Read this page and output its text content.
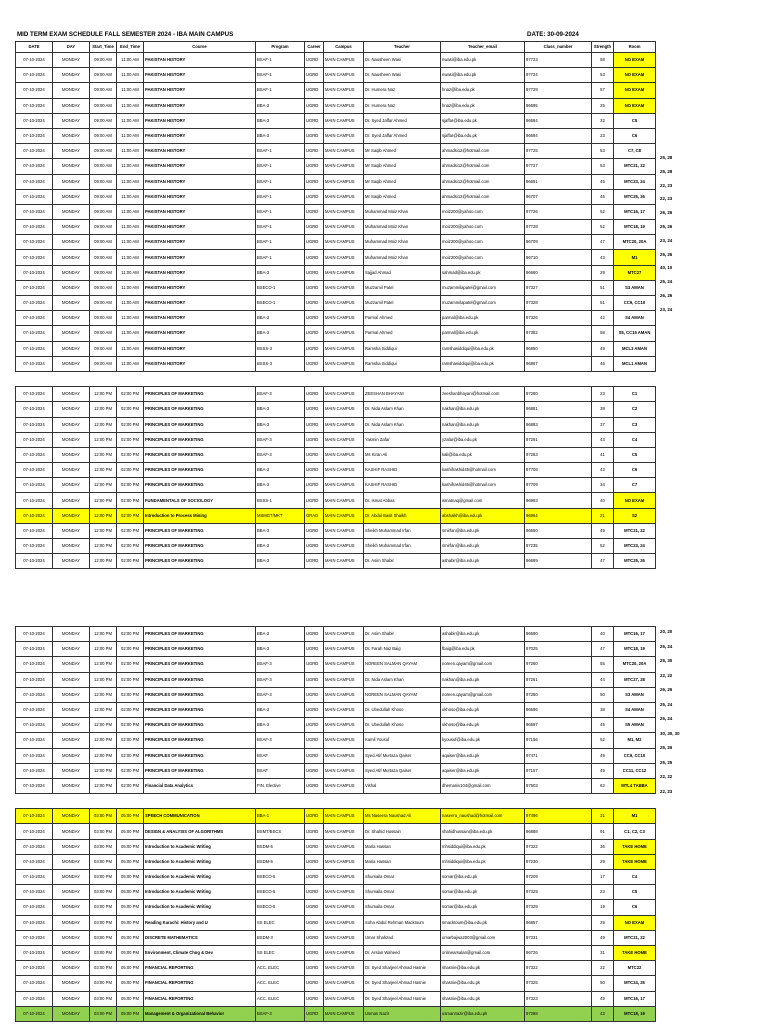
MID TERM EXAM SCHEDULE FALL SEMESTER 2024 - IBA MAIN CAMPUS	DATE: 30-09-2024
DATE	DAY	Start_Time	End_Time	Course	Program	Career	Campus	Teacher	Teacher_email	Class_number	Strength	Room
07-10-2024	MONDAY	09:00 AM	11:00 AM	PAKISTAN HISTORY	BSAF-1	UGRD	MAIN CAMPUS	Dr. Nausheen Wasi	nwasi@iba.edu.pk	97723	58	NO EXAM
07-10-2024	MONDAY	09:00 AM	11:00 AM	PAKISTAN HISTORY	BSAF-1	UGRD	MAIN CAMPUS	Dr. Nausheen Wasi	nwasi@iba.edu.pk	97724	53	NO EXAM
07-10-2024	MONDAY	09:00 AM	11:00 AM	PAKISTAN HISTORY	BSAF-1	UGRD	MAIN CAMPUS	Dr. Humera Naz	hnaz@iba.edu.pk	97729	57	NO EXAM
07-10-2024	MONDAY	09:00 AM	11:00 AM	PAKISTAN HISTORY	BBA-3	UGRD	MAIN CAMPUS	Dr. Humera Naz	hnaz@iba.edu.pk	96695	25	NO EXAM
07-10-2024	MONDAY	09:00 AM	11:00 AM	PAKISTAN HISTORY	BBA-3	UGRD	MAIN CAMPUS	Dr. Syed Jaffar Ahmed	sjaffar@iba.edu.pk	96684	32	C5
07-10-2024	MONDAY	09:00 AM	11:00 AM	PAKISTAN HISTORY	BBA-3	UGRD	MAIN CAMPUS	Dr. Syed Jaffar Ahmed	sjaffar@iba.edu.pk	96694	23	C6
07-10-2024	MONDAY	09:00 AM	11:00 AM	PAKISTAN HISTORY	BSAF-1	UGRD	MAIN CAMPUS	Mr Saqib Ahmed	ahmadsi12@hotmail.com	97725	53	C7, C8
07-10-2024	MONDAY	09:00 AM	11:00 AM	PAKISTAN HISTORY	BSAF-1	UGRD	MAIN CAMPUS	Mr Saqib Ahmed	ahmadsi12@hotmail.com	97727	53	MTC21, 22
07-10-2024	MONDAY	09:00 AM	11:00 AM	PAKISTAN HISTORY	BSAF-1	UGRD	MAIN CAMPUS	Mr Saqib Ahmed	ahmadsi12@hotmail.com	96691	45	MTC23, 24
07-10-2024	MONDAY	09:00 AM	11:00 AM	PAKISTAN HISTORY	BSAF-1	UGRD	MAIN CAMPUS	Mr Saqib Ahmed	ahmadsi12@hotmail.com	96707	46	MTC25, 26
07-10-2024	MONDAY	09:00 AM	11:00 AM	PAKISTAN HISTORY	BSAF-1	UGRD	MAIN CAMPUS	Muhammad Moiz Khan	moiz200@yahoo.com	97726	52	MTC16, 17
07-10-2024	MONDAY	09:00 AM	11:00 AM	PAKISTAN HISTORY	BSAF-1	UGRD	MAIN CAMPUS	Muhammad Moiz Khan	moiz200@yahoo.com	97728	52	MTC18, 19
07-10-2024	MONDAY	09:00 AM	11:00 AM	PAKISTAN HISTORY	BSAF-1	UGRD	MAIN CAMPUS	Muhammad Moiz Khan	moiz200@yahoo.com	96709	47	MTC20, 20A
07-10-2024	MONDAY	09:00 AM	11:00 AM	PAKISTAN HISTORY	BSAF-1	UGRD	MAIN CAMPUS	Muhammad Moiz Khan	moiz200@yahoo.com	96710	43	M1
07-10-2024	MONDAY	09:00 AM	11:00 AM	PAKISTAN HISTORY	BBA-3	UGRD	MAIN CAMPUS	Sajjad Ahmad	sahmad@iba.edu.pk	96660	29	MTC27
07-10-2024	MONDAY	09:00 AM	11:00 AM	PAKISTAN HISTORY	BSECO-1	UGRD	MAIN CAMPUS	Muzzamil Patel	muzammilapatel@gmail.com	97327	51	S3 AMAN
07-10-2024	MONDAY	09:00 AM	11:00 AM	PAKISTAN HISTORY	BSECO-1	UGRD	MAIN CAMPUS	Muzzamil Patel	muzammilapatel@gmail.com	97328	51	CC9, CC10
07-10-2024	MONDAY	09:00 AM	11:00 AM	PAKISTAN HISTORY	BBA-3	UGRD	MAIN CAMPUS	Parmal Ahmed	parmal@iba.edu.pk	97326	42	S4 AMAN
07-10-2024	MONDAY	09:00 AM	11:00 AM	PAKISTAN HISTORY	BBA-3	UGRD	MAIN CAMPUS	Parmal Ahmed	parmal@iba.edu.pk	97382	58	S5, CC15 AMAN
07-10-2024	MONDAY	09:00 AM	11:00 AM	PAKISTAN HISTORY	BSSS-3	UGRD	MAIN CAMPUS	Ramsha Siddiqui	ramshasiddiqui@iba.edu.pk	96850	49	MCL3 AMAN
07-10-2024	MONDAY	09:00 AM	11:00 AM	PAKISTAN HISTORY	BSSS-3	UGRD	MAIN CAMPUS	Ramsha Siddiqui	ramshasiddiqui@iba.edu.pk	96867	46	MCL1 AMAN

07-10-2024	MONDAY	12:00 PM	02:00 PM	PRINCIPLES OF MARKETING	BSAF-3	UGRD	MAIN CAMPUS	ZEESHAN BHAYANI	zeeshanbhayani@hotmail.com	97280	23	C1
07-10-2024	MONDAY	12:00 PM	02:00 PM	PRINCIPLES OF MARKETING	BBA-3	UGRD	MAIN CAMPUS	Dr. Nida Aslam Khan	nakhan@iba.edu.pk	96881	39	C2
07-10-2024	MONDAY	12:00 PM	02:00 PM	PRINCIPLES OF MARKETING	BBA-3	UGRD	MAIN CAMPUS	Dr. Nida Aslam Khan	nakhan@iba.edu.pk	96883	37	C3
07-10-2024	MONDAY	12:00 PM	02:00 PM	PRINCIPLES OF MARKETING	BSAF-3	UGRD	MAIN CAMPUS	Yasmin Zafar	yzafar@iba.edu.pk	97291	43	C4
07-10-2024	MONDAY	12:00 PM	02:00 PM	PRINCIPLES OF MARKETING	BSAF-3	UGRD	MAIN CAMPUS	Ms Kiran Ali	kali@iba.edu.pk	97263	41	C5
07-10-2024	MONDAY	12:00 PM	02:00 PM	PRINCIPLES OF MARKETING	BBA-3	UGRD	MAIN CAMPUS	KASHIF RASHID	kashifrashid45@hotmail.com	97708	43	C6
07-10-2024	MONDAY	12:00 PM	02:00 PM	PRINCIPLES OF MARKETING	BBA-3	UGRD	MAIN CAMPUS	KASHIF RASHID	kashifrashid45@hotmail.com	97709	34	C7
07-10-2024	MONDAY	12:00 PM	02:00 PM	FUNDAMENTALS OF SOCIOLOGY	BSSS-1	UGRD	MAIN CAMPUS	Dr. Ismat Abbas	ismatnaq@gmail.com	96993	40	NO EXAM
07-10-2024	MONDAY	12:00 PM	02:00 PM	Introduction to Process Mining	MSMGT/MKT	GRAD	MAIN CAMPUS	Dr. Abdul Basit Shaikh	abshaikh@iba.edu.pk	96964	21	S2
07-10-2024	MONDAY	12:00 PM	02:00 PM	PRINCIPLES OF MARKETING	BBA-3	UGRD	MAIN CAMPUS	Sheikh Muhammad Irfan	smirfan@iba.edu.pk	96650	49	MTC21, 22
07-10-2024	MONDAY	12:00 PM	02:00 PM	PRINCIPLES OF MARKETING	BBA-3	UGRD	MAIN CAMPUS	Sheikh Muhammad Irfan	smirfan@iba.edu.pk	97235	52	MTC23, 24
07-10-2024	MONDAY	12:00 PM	02:00 PM	PRINCIPLES OF MARKETING	BBA-3	UGRD	MAIN CAMPUS	Dr. Asim Shabir	ashabir@iba.edu.pk	96689	47	MTC25, 26
07-10-2024	MONDAY	12:00 PM	02:00 PM	PRINCIPLES OF MARKETING	BBA-3	UGRD	MAIN CAMPUS	Dr. Asim Shabir	ashabir@iba.edu.pk	96690	40	MTC16, 17
07-10-2024	MONDAY	12:00 PM	02:00 PM	PRINCIPLES OF MARKETING	BBA-3	UGRD	MAIN CAMPUS	Dr. Farah Naz Baig	fbaig@iba.edu.pk	97025	47	MTC18, 19
07-10-2024	MONDAY	12:00 PM	02:00 PM	PRINCIPLES OF MARKETING	BSAF-3	UGRD	MAIN CAMPUS	NOREEN SALMAN QAYAM	noreen.qayam@gmail.com	97260	55	MTC20, 20A
07-10-2024	MONDAY	12:00 PM	02:00 PM	PRINCIPLES OF MARKETING	BSAF-3	UGRD	MAIN CAMPUS	Dr. Nida Aslam Khan	nakhan@iba.edu.pk	97261	44	MTC27, 28
07-10-2024	MONDAY	12:00 PM	02:00 PM	PRINCIPLES OF MARKETING	BSAF-3	UGRD	MAIN CAMPUS	NOREEN SALMAN QAYAM	noreen.qayam@gmail.com	97250	50	S3 AMAN
07-10-2024	MONDAY	12:00 PM	02:00 PM	PRINCIPLES OF MARKETING	BBA-3	UGRD	MAIN CAMPUS	Dr. Ubedullah Khoso	ukhoso@iba.edu.pk	96696	38	S4 AMAN
07-10-2024	MONDAY	12:00 PM	02:00 PM	PRINCIPLES OF MARKETING	BBA-3	UGRD	MAIN CAMPUS	Dr. Ubedullah Khoso	ukhoso@iba.edu.pk	96697	45	S5 AMAN
07-10-2024	MONDAY	12:00 PM	02:00 PM	PRINCIPLES OF MARKETING	BSAF-3	UGRD	MAIN CAMPUS	Kamil Yousuf	kyousuf@iba.edu.pk	97156	52	M1, M2
07-10-2024	MONDAY	12:00 PM	02:00 PM	PRINCIPLES OF MARKETING	BSAF	UGRD	MAIN CAMPUS	Syed Atif Murtaza Qaiser	aqaiser@iba.edu.pk	97471	49	CC9, CC10
07-10-2024	MONDAY	12:00 PM	02:00 PM	PRINCIPLES OF MARKETING	BSAF	UGRD	MAIN CAMPUS	Syed Atif Murtaza Qaiser	aqaiser@iba.edu.pk	97157	49	CC11, CC12
07-10-2024	MONDAY	12:00 PM	02:00 PM	Financial Data Analytics	FIN. Elective	UGRD	MAIN CAMPUS	Vishal	dhemaniv104@gmail.com	97503	62	MTL4 TABBA

07-10-2024	MONDAY	03:00 PM	05:00 PM	SPEECH COMMUNICATION	BBA-1	UGRD	MAIN CAMPUS	Ms Naseera Naushad Ali	naseera_naushad@hotmail.com	97496	31	M1
07-10-2024	MONDAY	03:00 PM	05:00 PM	DESIGN & ANALYSIS OF ALGORITHMS	BSMT/BSCS	UGRD	MAIN CAMPUS	Dr. Shahid Hussain	shahidhussain@iba.edu.pk	96888	91	C1, C2, C3
07-10-2024	MONDAY	03:00 PM	05:00 PM	Introduction to Academic Writing	BSDM-5	UGRD	MAIN CAMPUS	Maria Hassan	mhsiddiqui@iba.edu.pk	97322	36	TAKE HOME
07-10-2024	MONDAY	03:00 PM	05:00 PM	Introduction to Academic Writing	BSDM-5	UGRD	MAIN CAMPUS	Maria Hassan	mhsiddiqui@iba.edu.pk	97230	29	TAKE HOME
07-10-2024	MONDAY	03:00 PM	05:00 PM	Introduction to Academic Writing	BSECO-5	UGRD	MAIN CAMPUS	Shumaila Omar	somar@iba.edu.pk	97209	17	C4
07-10-2024	MONDAY	03:00 PM	05:00 PM	Introduction to Academic Writing	BSECO-5	UGRD	MAIN CAMPUS	Shumaila Omar	somar@iba.edu.pk	97329	23	C5
07-10-2024	MONDAY	03:00 PM	05:00 PM	Introduction to Academic Writing	BSECO-5	UGRD	MAIN CAMPUS	Shumaila Omar	somar@iba.edu.pk	97329	19	C6
07-10-2024	MONDAY	03:00 PM	05:00 PM	Reading Karachi: History and U	SS ELEC	UGRD	MAIN CAMPUS	Soha Abdul Rehman Macktoum	smacktoum@iba.edu.pk	96857	29	NO EXAM
07-10-2024	MONDAY	03:00 PM	05:00 PM	DISCRETE MATHEMATICS	BSDM-3	UGRD	MAIN CAMPUS	Umar Shahzad	umarbajwa2003@gmail.com	97331	49	MTC21, 22
07-10-2024	MONDAY	03:00 PM	05:00 PM	Environment, Climate Chng & Dev	SS ELEC	UGRD	MAIN CAMPUS	Dr. Arslan Waheed	onlinearsalan@gmail.com	96726	31	TAKE HOME
07-10-2024	MONDAY	03:00 PM	05:00 PM	FINANCIAL REPORTING	ACC. ELEC	UGRD	MAIN CAMPUS	Dr. Syed Sharjeel Ahmad Hasnie	shasnie@iba.edu.pk	97322	22	MTC22
07-10-2024	MONDAY	03:00 PM	05:00 PM	FINANCIAL REPORTING	ACC. ELEC	UGRD	MAIN CAMPUS	Dr. Syed Sharjeel Ahmad Hasnie	shasnie@iba.edu.pk	97325	50	MTC24, 25
07-10-2024	MONDAY	03:00 PM	05:00 PM	FINANCIAL REPORTING	ACC. ELEC	UGRD	MAIN CAMPUS	Dr. Syed Sharjeel Ahmad Hasnie	shasnie@iba.edu.pk	97323	49	MTC16, 17
07-10-2024	MONDAY	03:00 PM	05:00 PM	Management & Organizational Behavior	BSAF-3	UGRD	MAIN CAMPUS	Usman Nazir	usmannazir@iba.edu.pk	97288	43	MTC18, 19
25, 28
25, 28
22, 23
22, 23
26, 26
25, 26
23, 24
25, 26
40, 10
25, 24
26, 26
23, 24
20, 20
25, 24
25, 30
22, 22
26, 26
25, 24
25, 24
30, 30, 30
25, 26
25, 25
22, 22
22, 23
